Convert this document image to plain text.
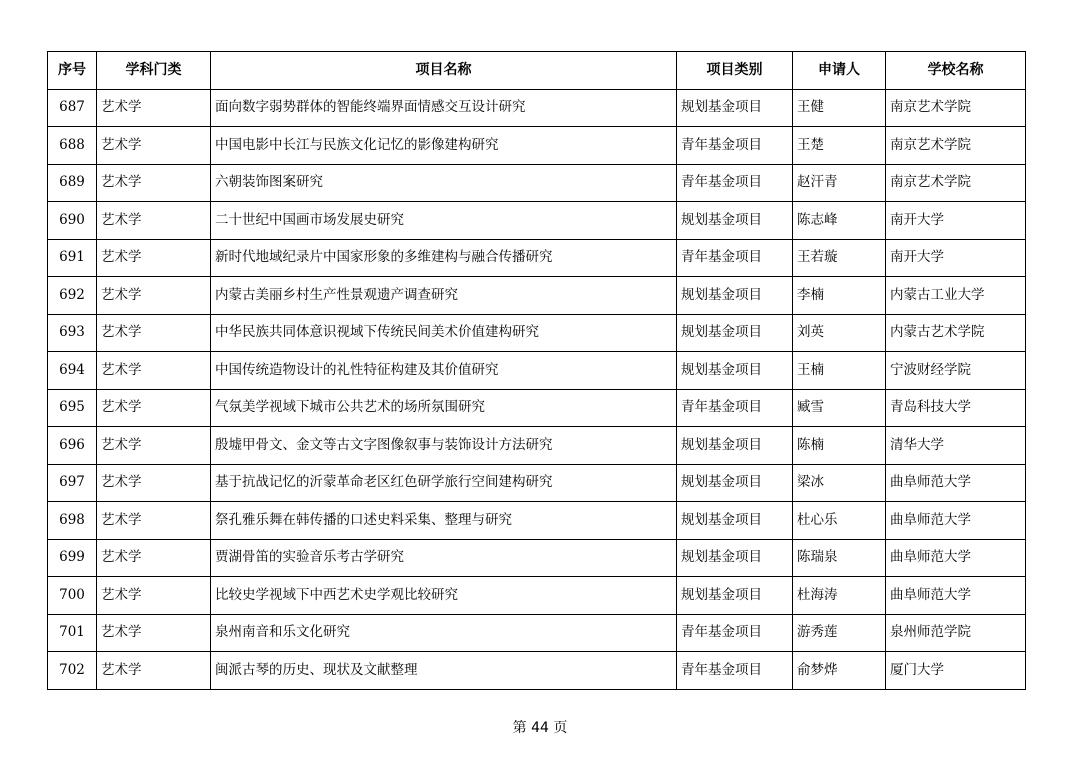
序号	学科门类	项目名称	项目类别	申请人	学校名称
687	艺术学	面向数字弱势群体的智能终端界面情感交互设计研究	规划基金项目	王健	南京艺术学院
688	艺术学	中国电影中长江与民族文化记忆的影像建构研究	青年基金项目	王楚	南京艺术学院
689	艺术学	六朝装饰图案研究	青年基金项目	赵汗青	南京艺术学院
690	艺术学	二十世纪中国画市场发展史研究	规划基金项目	陈志峰	南开大学
691	艺术学	新时代地域纪录片中国家形象的多维建构与融合传播研究	青年基金项目	王若璇	南开大学
692	艺术学	内蒙古美丽乡村生产性景观遗产调查研究	规划基金项目	李楠	内蒙古工业大学
693	艺术学	中华民族共同体意识视域下传统民间美术价值建构研究	规划基金项目	刘英	内蒙古艺术学院
694	艺术学	中国传统造物设计的礼性特征构建及其价值研究	规划基金项目	王楠	宁波财经学院
695	艺术学	气氛美学视域下城市公共艺术的场所氛围研究	青年基金项目	臧雪	青岛科技大学
696	艺术学	殷墟甲骨文、金文等古文字图像叙事与装饰设计方法研究	规划基金项目	陈楠	清华大学
697	艺术学	基于抗战记忆的沂蒙革命老区红色研学旅行空间建构研究	规划基金项目	梁冰	曲阜师范大学
698	艺术学	祭孔雅乐舞在韩传播的口述史料采集、整理与研究	规划基金项目	杜心乐	曲阜师范大学
699	艺术学	贾湖骨笛的实验音乐考古学研究	规划基金项目	陈瑞泉	曲阜师范大学
700	艺术学	比较史学视域下中西艺术史学观比较研究	规划基金项目	杜海涛	曲阜师范大学
701	艺术学	泉州南音和乐文化研究	青年基金项目	游秀莲	泉州师范学院
702	艺术学	闽派古琴的历史、现状及文献整理	青年基金项目	俞梦烨	厦门大学
第 44 页
